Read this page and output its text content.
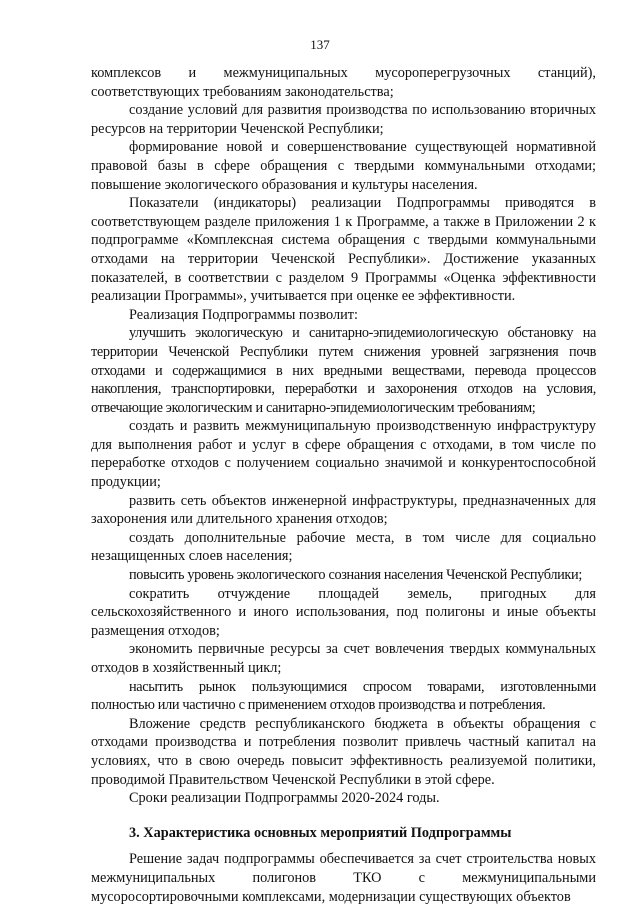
137

комплексов и межмуниципальных мусороперегрузочных станций), соответствующих требованиям законодательства;

создание условий для развития производства по использованию вторичных ресурсов на территории Чеченской Республики;

формирование новой и совершенствование существующей нормативной правовой базы в сфере обращения с твердыми коммунальными отходами; повышение экологического образования и культуры населения.

Показатели (индикаторы) реализации Подпрограммы приводятся в соответствующем разделе приложения 1 к Программе, а также в Приложении 2 к подпрограмме «Комплексная система обращения с твердыми коммунальными отходами на территории Чеченской Республики». Достижение указанных показателей, в соответствии с разделом 9 Программы «Оценка эффективности реализации Программы», учитывается при оценке ее эффективности.

Реализация Подпрограммы позволит:

улучшить экологическую и санитарно-эпидемиологическую обстановку на территории Чеченской Республики путем снижения уровней загрязнения почв отходами и содержащимися в них вредными веществами, перевода процессов накопления, транспортировки, переработки и захоронения отходов на условия, отвечающие экологическим и санитарно-эпидемиологическим требованиям;

создать и развить межмуниципальную производственную инфраструктуру для выполнения работ и услуг в сфере обращения с отходами, в том числе по переработке отходов с получением социально значимой и конкурентоспособной продукции;

развить сеть объектов инженерной инфраструктуры, предназначенных для захоронения или длительного хранения отходов;

создать дополнительные рабочие места, в том числе для социально незащищенных слоев населения;

повысить уровень экологического сознания населения Чеченской Республики;

сократить отчуждение площадей земель, пригодных для сельскохозяйственного и иного использования, под полигоны и иные объекты размещения отходов;

экономить первичные ресурсы за счет вовлечения твердых коммунальных отходов в хозяйственный цикл;

насытить рынок пользующимися спросом товарами, изготовленными полностью или частично с применением отходов производства и потребления.

Вложение средств республиканского бюджета в объекты обращения с отходами производства и потребления позволит привлечь частный капитал на условиях, что в свою очередь повысит эффективность реализуемой политики, проводимой Правительством Чеченской Республики в этой сфере.

Сроки реализации Подпрограммы 2020-2024 годы.

3. Характеристика основных мероприятий Подпрограммы

Решение задач подпрограммы обеспечивается за счет строительства новых межмуниципальных полигонов ТКО с межмуниципальными мусоросортировочными комплексами, модернизации существующих объектов
